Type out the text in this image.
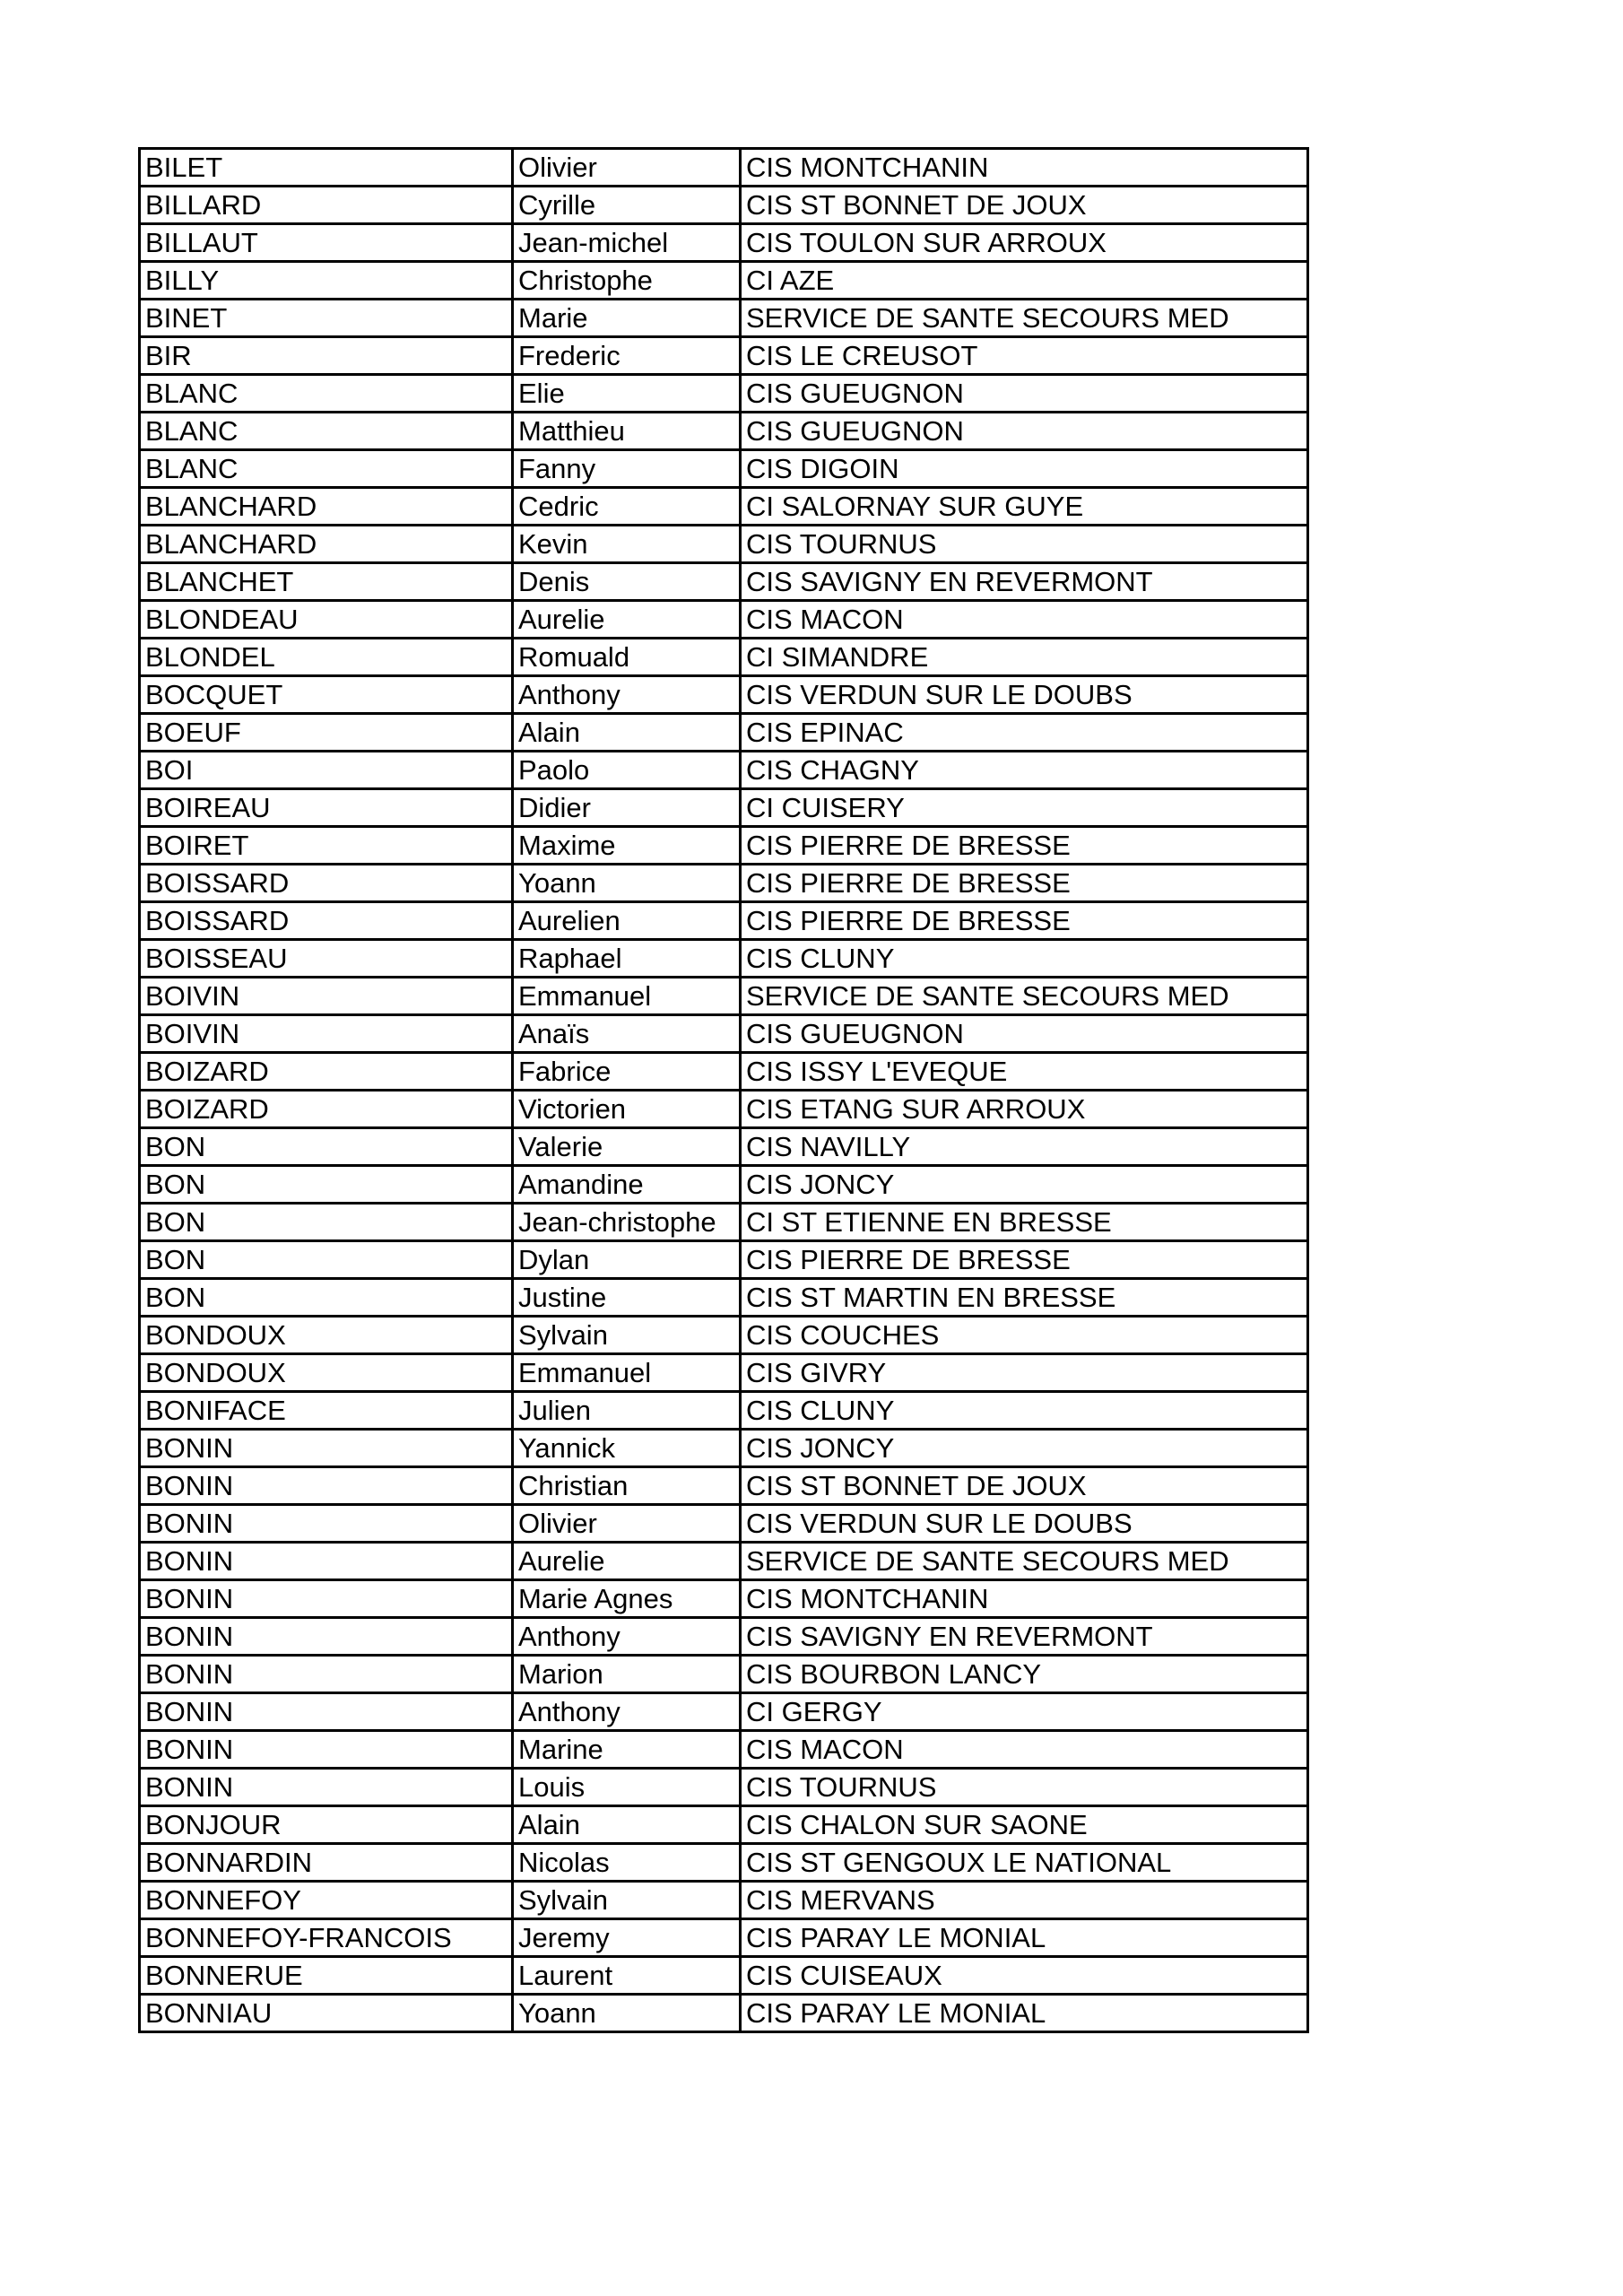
BILET	Olivier	CIS MONTCHANIN
BILLARD	Cyrille	CIS ST BONNET DE JOUX
BILLAUT	Jean-michel	CIS TOULON SUR ARROUX
BILLY	Christophe	CI AZE
BINET	Marie	SERVICE DE SANTE SECOURS MED
BIR	Frederic	CIS LE CREUSOT
BLANC	Elie	CIS GUEUGNON
BLANC	Matthieu	CIS GUEUGNON
BLANC	Fanny	CIS DIGOIN
BLANCHARD	Cedric	CI SALORNAY SUR GUYE
BLANCHARD	Kevin	CIS TOURNUS
BLANCHET	Denis	CIS SAVIGNY EN REVERMONT
BLONDEAU	Aurelie	CIS MACON
BLONDEL	Romuald	CI SIMANDRE
BOCQUET	Anthony	CIS VERDUN SUR LE DOUBS
BOEUF	Alain	CIS EPINAC
BOI	Paolo	CIS CHAGNY
BOIREAU	Didier	CI CUISERY
BOIRET	Maxime	CIS PIERRE DE BRESSE
BOISSARD	Yoann	CIS PIERRE DE BRESSE
BOISSARD	Aurelien	CIS PIERRE DE BRESSE
BOISSEAU	Raphael	CIS CLUNY
BOIVIN	Emmanuel	SERVICE DE SANTE SECOURS MED
BOIVIN	Anaïs	CIS GUEUGNON
BOIZARD	Fabrice	CIS ISSY L'EVEQUE
BOIZARD	Victorien	CIS ETANG SUR ARROUX
BON	Valerie	CIS NAVILLY
BON	Amandine	CIS JONCY
BON	Jean-christophe	CI ST ETIENNE EN BRESSE
BON	Dylan	CIS PIERRE DE BRESSE
BON	Justine	CIS ST MARTIN EN BRESSE
BONDOUX	Sylvain	CIS COUCHES
BONDOUX	Emmanuel	CIS GIVRY
BONIFACE	Julien	CIS CLUNY
BONIN	Yannick	CIS JONCY
BONIN	Christian	CIS ST BONNET DE JOUX
BONIN	Olivier	CIS VERDUN SUR LE DOUBS
BONIN	Aurelie	SERVICE DE SANTE SECOURS MED
BONIN	Marie Agnes	CIS MONTCHANIN
BONIN	Anthony	CIS SAVIGNY EN REVERMONT
BONIN	Marion	CIS BOURBON LANCY
BONIN	Anthony	CI GERGY
BONIN	Marine	CIS MACON
BONIN	Louis	CIS TOURNUS
BONJOUR	Alain	CIS CHALON SUR SAONE
BONNARDIN	Nicolas	CIS ST GENGOUX LE NATIONAL
BONNEFOY	Sylvain	CIS MERVANS
BONNEFOY-FRANCOIS	Jeremy	CIS PARAY LE MONIAL
BONNERUE	Laurent	CIS CUISEAUX
BONNIAU	Yoann	CIS PARAY LE MONIAL
